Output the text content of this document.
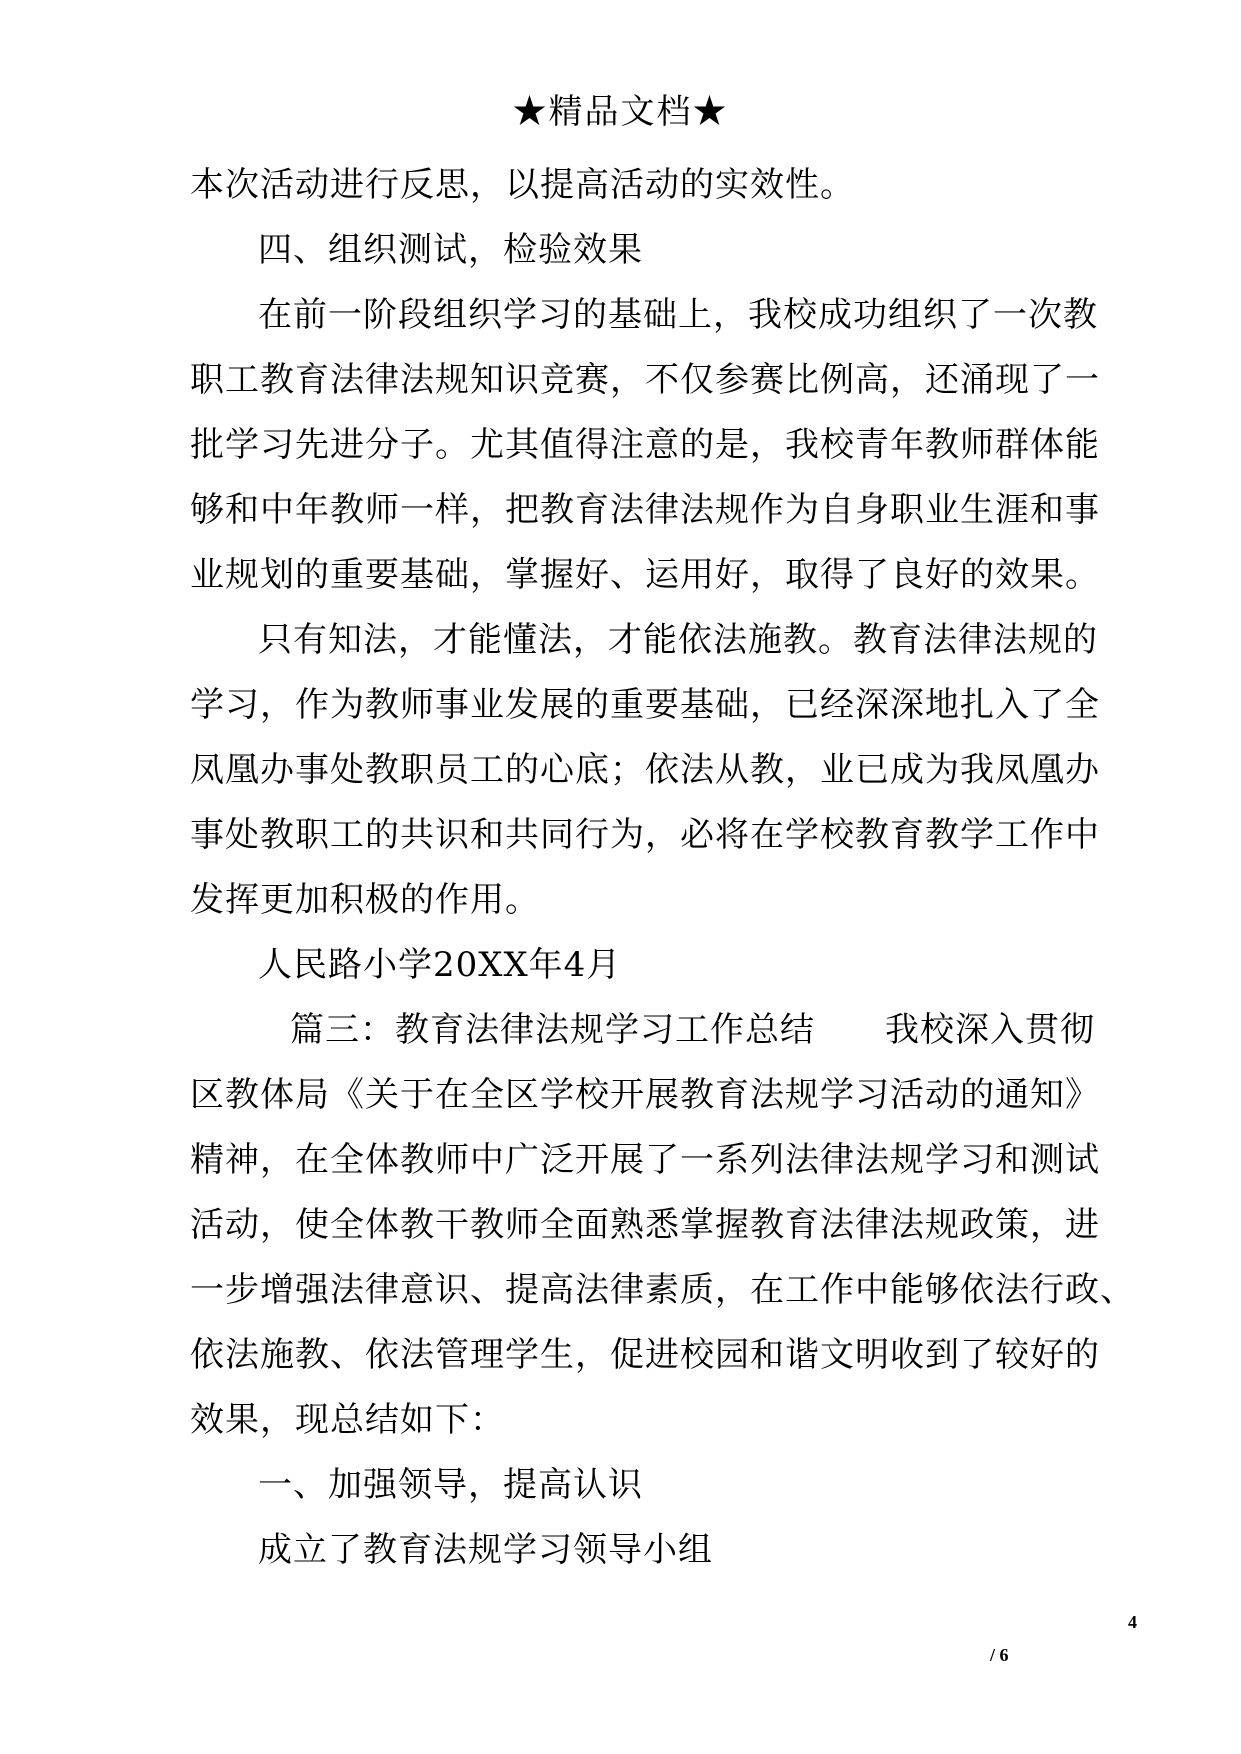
★精品文档★
本次活动进行反思，以提高活动的实效性。
四、组织测试，检验效果
在前一阶段组织学习的基础上，我校成功组织了一次教
职工教育法律法规知识竞赛，不仅参赛比例高，还涌现了一
批学习先进分子。尤其值得注意的是，我校青年教师群体能
够和中年教师一样，把教育法律法规作为自身职业生涯和事
业规划的重要基础，掌握好、运用好，取得了良好的效果。
只有知法，才能懂法，才能依法施教。教育法律法规的
学习，作为教师事业发展的重要基础，已经深深地扎入了全
凤凰办事处教职员工的心底；依法从教，业已成为我凤凰办
事处教职工的共识和共同行为，必将在学校教育教学工作中
发挥更加积极的作用。
人民路小学20XX年4月
篇三：教育法律法规学习工作总结　　我校深入贯彻
区教体局《关于在全区学校开展教育法规学习活动的通知》
精神，在全体教师中广泛开展了一系列法律法规学习和测试
活动，使全体教干教师全面熟悉掌握教育法律法规政策，进
一步增强法律意识、提高法律素质，在工作中能够依法行政、
依法施教、依法管理学生，促进校园和谐文明收到了较好的
效果，现总结如下：
一、加强领导，提高认识
成立了教育法规学习领导小组
4
/ 6
